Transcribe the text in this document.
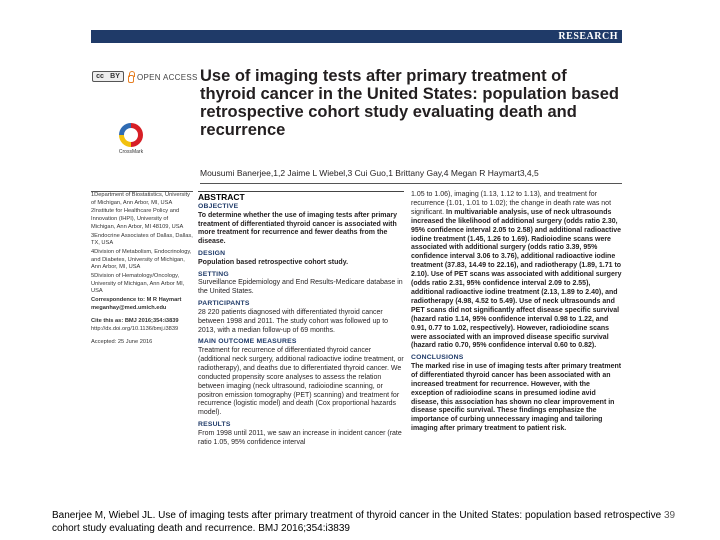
RESEARCH
cc BY OPEN ACCESS
CrossMark
Use of imaging tests after primary treatment of thyroid cancer in the United States: population based retrospective cohort study evaluating death and recurrence
Mousumi Banerjee,1,2 Jaime L Wiebel,3 Cui Guo,1 Brittany Gay,4 Megan R Haymart3,4,5

1Department of Biostatistics, University of Michigan, Ann Arbor, MI, USA

2Institute for Healthcare Policy and Innovation (IHPI), University of Michigan, Ann Arbor, MI 48109, USA

3Endocrine Associates of Dallas, Dallas, TX, USA

4Division of Metabolism, Endocrinology, and Diabetes, University of Michigan, Ann Arbor, MI, USA

5Division of Hematology/Oncology, University of Michigan, Ann Arbor MI, USA

Correspondence to: M R Haymart meganhay@med.umich.edu

Cite this as: BMJ 2016;354:i3839

http://dx.doi.org/10.1136/bmj.i3839

Accepted: 25 June 2016

ABSTRACT
OBJECTIVE

To determine whether the use of imaging tests after primary treatment of differentiated thyroid cancer is associated with more treatment for recurrence and fewer deaths from the disease.

DESIGN

Population based retrospective cohort study.

SETTING

Surveillance Epidemiology and End Results-Medicare database in the United States.

PARTICIPANTS

28 220 patients diagnosed with differentiated thyroid cancer between 1998 and 2011. The study cohort was followed up to 2013, with a median follow-up of 69 months.

MAIN OUTCOME MEASURES

Treatment for recurrence of differentiated thyroid cancer (additional neck surgery, additional radioactive iodine treatment, or radiotherapy), and deaths due to differentiated thyroid cancer. We conducted propensity score analyses to assess the relation between imaging (neck ultrasound, radioiodine scanning, or positron emission tomography (PET) scanning) and treatment for recurrence (logistic model) and death (Cox proportional hazards model).

RESULTS

From 1998 until 2011, we saw an increase in incident cancer (rate ratio 1.05, 95% confidence interval

1.05 to 1.06), imaging (1.13, 1.12 to 1.13), and treatment for recurrence (1.01, 1.01 to 1.02); the change in death rate was not significant. In multivariable analysis, use of neck ultrasounds increased the likelihood of additional surgery (odds ratio 2.30, 95% confidence interval 2.05 to 2.58) and additional radioactive iodine treatment (1.45, 1.26 to 1.69). Radioiodine scans were associated with additional surgery (odds ratio 3.39, 95% confidence interval 3.06 to 3.76), additional radioactive iodine treatment (37.83, 14.49 to 22.16), and radiotherapy (1.89, 1.71 to 2.10). Use of PET scans was associated with additional surgery (odds ratio 2.31, 95% confidence interval 2.09 to 2.55), additional radioactive iodine treatment (2.13, 1.89 to 2.40), and radiotherapy (4.98, 4.52 to 5.49). Use of neck ultrasounds and PET scans did not significantly affect disease specific survival (hazard ratio 1.14, 95% confidence interval 0.98 to 1.22, and 0.91, 0.77 to 1.02, respectively). However, radioiodine scans were associated with an improved disease specific survival (hazard ratio 0.70, 95% confidence interval 0.60 to 0.82).

CONCLUSIONS

The marked rise in use of imaging tests after primary treatment of differentiated thyroid cancer has been associated with an increased treatment for recurrence. However, with the exception of radioiodine scans in presumed iodine avid disease, this association has shown no clear improvement in disease specific survival. These findings emphasize the importance of curbing unnecessary imaging and tailoring imaging after primary treatment to patient risk.

Banerjee M, Wiebel JL. Use of imaging tests after primary treatment of thyroid cancer in the United States: population based retrospective cohort study evaluating death and recurrence. BMJ 2016;354:i3839
39
